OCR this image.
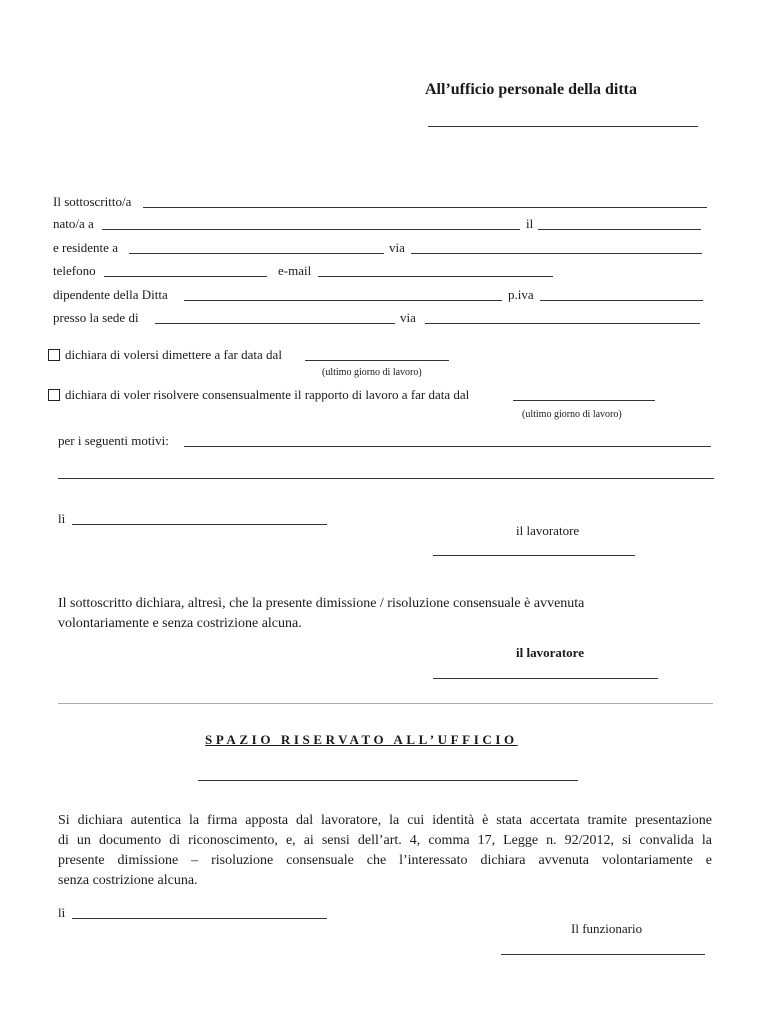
All’ufficio personale della ditta
Il sottoscritto/a
nato/a a	il
e residente a	via
telefono	e-mail
dipendente della Ditta	p.iva
presso la sede di	via
dichiara di volersi dimettere a far data dal
(ultimo giorno di lavoro)
dichiara di voler risolvere consensualmente il rapporto di lavoro a far data dal
(ultimo giorno di lavoro)
per i seguenti motivi:
lì
il lavoratore
Il sottoscritto dichiara, altresì, che la presente dimissione / risoluzione consensuale è avvenuta
volontariamente e senza costrizione alcuna.
il lavoratore
SPAZIO RISERVATO ALL’UFFICIO
Si dichiara autentica la firma apposta dal lavoratore, la cui identità è stata accertata tramite presentazione
di un documento di riconoscimento, e, ai sensi dell’art. 4, comma 17, Legge n. 92/2012, si convalida la
presente dimissione – risoluzione consensuale che l’interessato dichiara avvenuta volontariamente e
senza costrizione alcuna.
lì
Il funzionario
